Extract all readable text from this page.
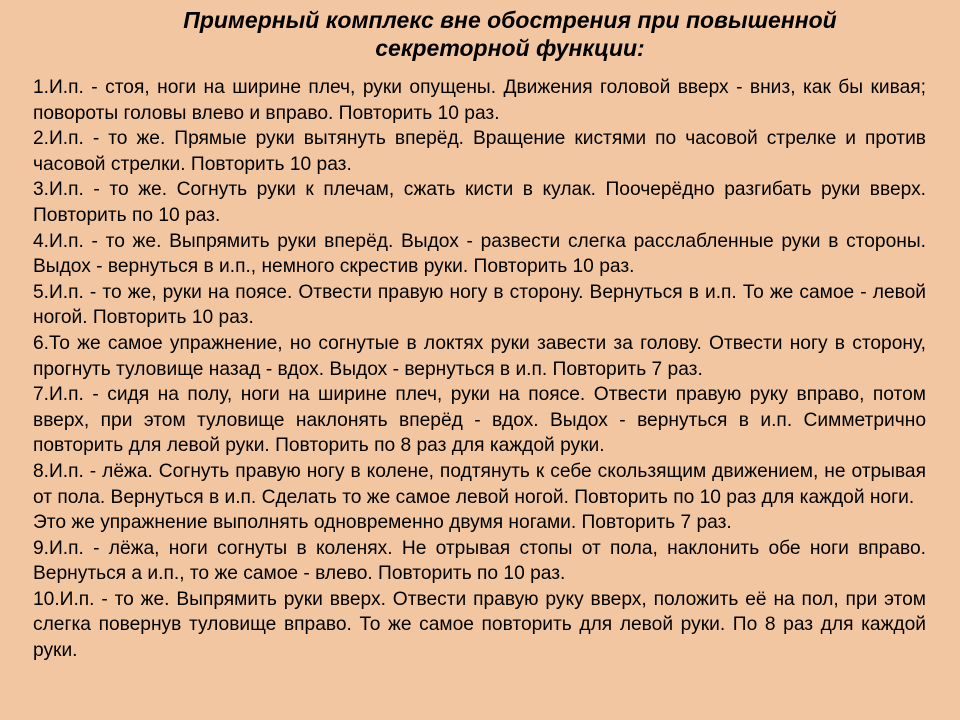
Примерный комплекс вне обострения при повышенной
секреторной функции:

1.И.п. - стоя, ноги на ширине плеч, руки опущены. Движения головой вверх - вниз, как бы кивая; повороты головы влево и вправо. Повторить 10 раз.

2.И.п. - то же. Прямые руки вытянуть вперёд. Вращение кистями по часовой стрелке и против часовой стрелки. Повторить 10 раз.

3.И.п. - то же. Согнуть руки к плечам, сжать кисти в кулак. Поочерёдно разгибать руки вверх. Повторить по 10 раз.

4.И.п. - то же. Выпрямить руки вперёд. Выдох - развести слегка расслабленные руки в стороны. Выдох - вернуться в и.п., немного скрестив руки. Повторить 10 раз.

5.И.п. - то же, руки на поясе. Отвести правую ногу в сторону. Вернуться в и.п. То же самое - левой ногой. Повторить 10 раз.

6.То же самое упражнение, но согнутые в локтях руки завести за голову. Отвести ногу в сторону, прогнуть туловище назад - вдох. Выдох - вернуться в и.п. Повторить 7 раз.

7.И.п. - сидя на полу, ноги на ширине плеч, руки на поясе. Отвести правую руку вправо, потом вверх, при этом туловище наклонять вперёд - вдох. Выдох - вернуться в и.п. Симметрично повторить для левой руки. Повторить по 8 раз для каждой руки.

8.И.п. - лёжа. Согнуть правую ногу в колене, подтянуть к себе скользящим движением, не отрывая от пола. Вернуться в и.п. Сделать то же самое левой ногой. Повторить по 10 раз для каждой ноги.

Это же упражнение выполнять одновременно двумя ногами. Повторить 7 раз.

9.И.п. - лёжа, ноги согнуты в коленях. Не отрывая стопы от пола, наклонить обе ноги вправо. Вернуться а и.п., то же самое - влево. Повторить по 10 раз.

10.И.п. - то же. Выпрямить руки вверх. Отвести правую руку вверх, положить её на пол, при этом слегка повернув туловище вправо. То же самое повторить для левой руки. По 8 раз для каждой руки.
